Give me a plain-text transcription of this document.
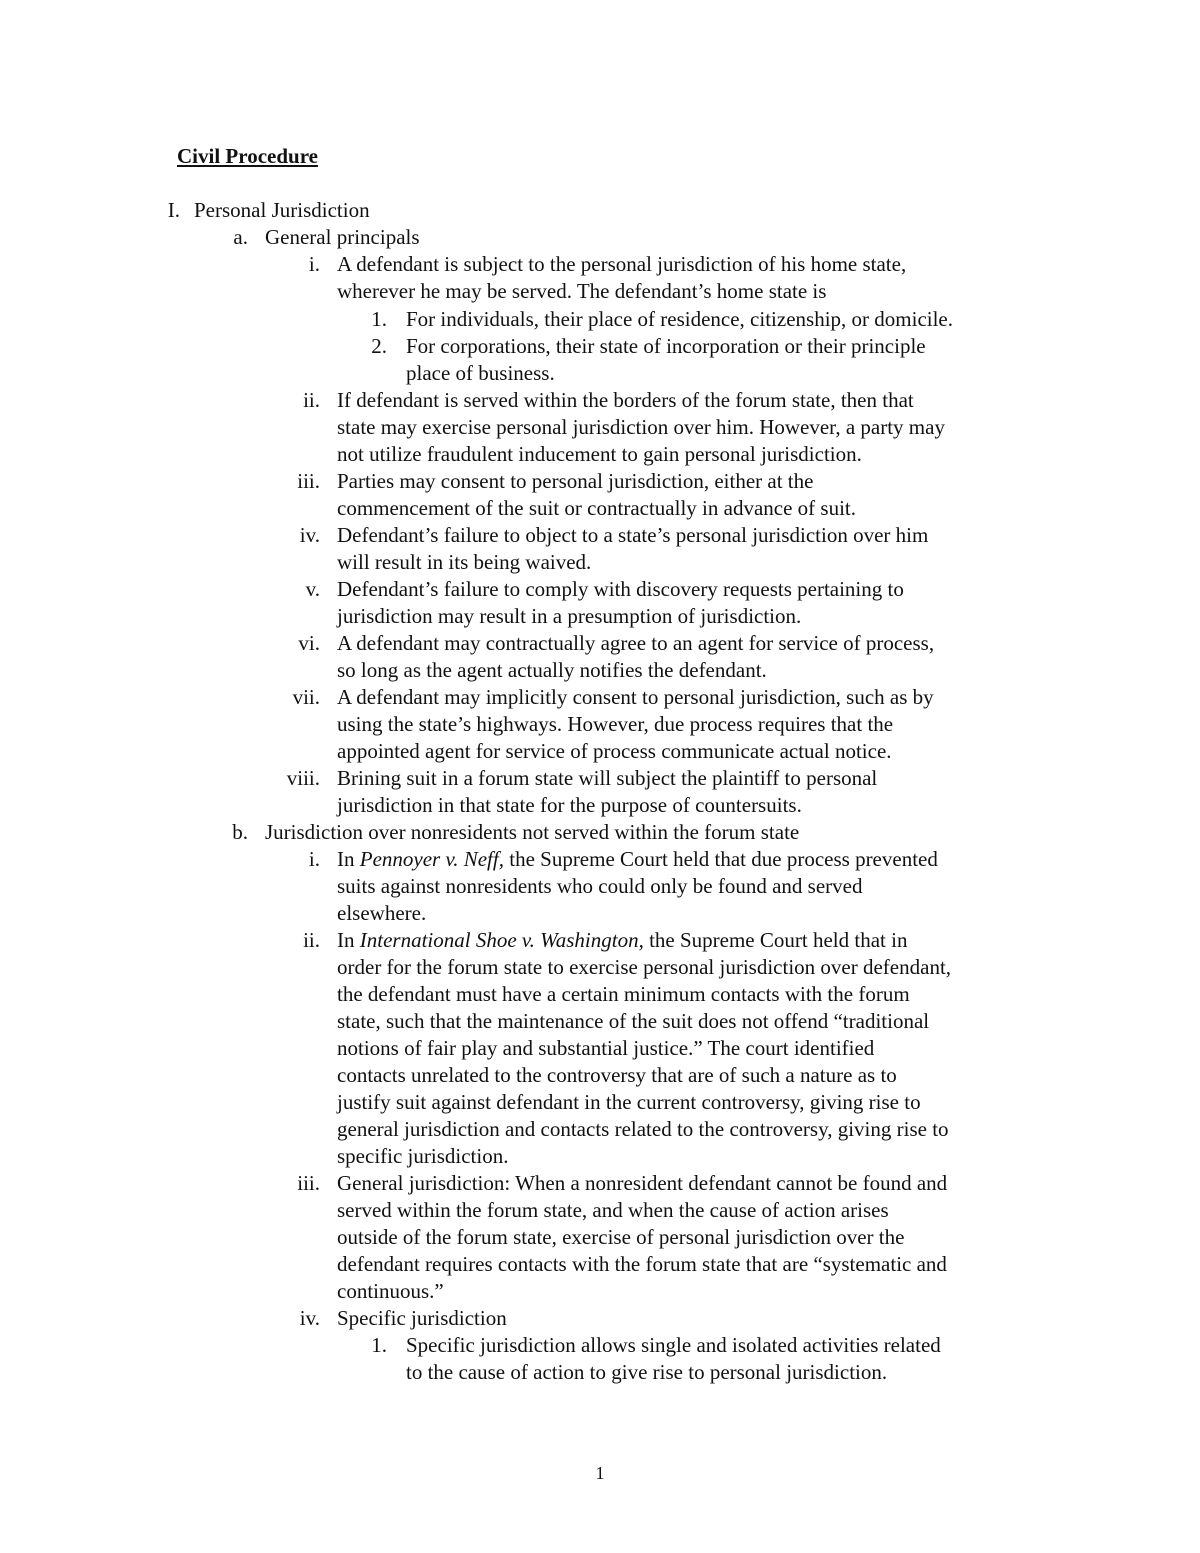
Civil Procedure
I. Personal Jurisdiction
a. General principals
i. A defendant is subject to the personal jurisdiction of his home state,
wherever he may be served. The defendant’s home state is
1. For individuals, their place of residence, citizenship, or domicile.
2. For corporations, their state of incorporation or their principle
place of business.
ii. If defendant is served within the borders of the forum state, then that
state may exercise personal jurisdiction over him. However, a party may
not utilize fraudulent inducement to gain personal jurisdiction.
iii. Parties may consent to personal jurisdiction, either at the
commencement of the suit or contractually in advance of suit.
iv. Defendant’s failure to object to a state’s personal jurisdiction over him
will result in its being waived.
v. Defendant’s failure to comply with discovery requests pertaining to
jurisdiction may result in a presumption of jurisdiction.
vi. A defendant may contractually agree to an agent for service of process,
so long as the agent actually notifies the defendant.
vii. A defendant may implicitly consent to personal jurisdiction, such as by
using the state’s highways. However, due process requires that the
appointed agent for service of process communicate actual notice.
viii. Brining suit in a forum state will subject the plaintiff to personal
jurisdiction in that state for the purpose of countersuits.
b. Jurisdiction over nonresidents not served within the forum state
i. In Pennoyer v. Neff, the Supreme Court held that due process prevented
suits against nonresidents who could only be found and served
elsewhere.
ii. In International Shoe v. Washington, the Supreme Court held that in
order for the forum state to exercise personal jurisdiction over defendant,
the defendant must have a certain minimum contacts with the forum
state, such that the maintenance of the suit does not offend “traditional
notions of fair play and substantial justice.” The court identified
contacts unrelated to the controversy that are of such a nature as to
justify suit against defendant in the current controversy, giving rise to
general jurisdiction and contacts related to the controversy, giving rise to
specific jurisdiction.
iii. General jurisdiction: When a nonresident defendant cannot be found and
served within the forum state, and when the cause of action arises
outside of the forum state, exercise of personal jurisdiction over the
defendant requires contacts with the forum state that are “systematic and
continuous.”
iv. Specific jurisdiction
1. Specific jurisdiction allows single and isolated activities related
to the cause of action to give rise to personal jurisdiction.
1
